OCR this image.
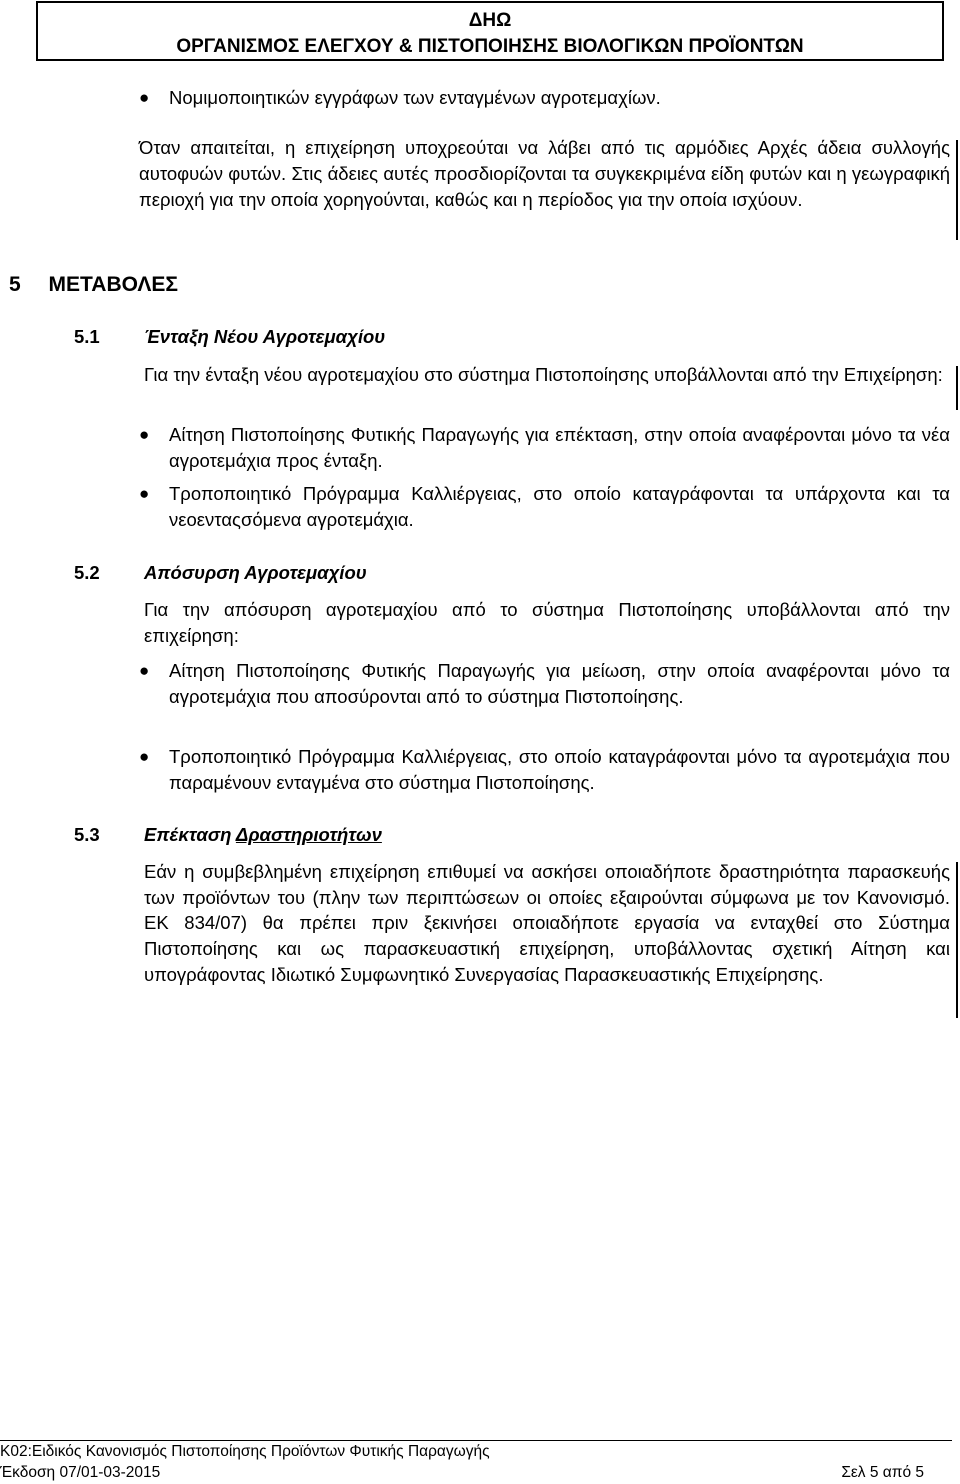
ΔΗΩ
ΟΡΓΑΝΙΣΜΟΣ ΕΛΕΓΧΟΥ & ΠΙΣΤΟΠΟΙΗΣΗΣ ΒΙΟΛΟΓΙΚΩΝ ΠΡΟΪΟΝΤΩΝ
●	Νομιμοποιητικών εγγράφων των ενταγμένων αγροτεμαχίων.
Όταν απαιτείται, η επιχείρηση υποχρεούται να λάβει από τις αρμόδιες Αρχές άδεια συλλογής αυτοφυών φυτών. Στις άδειες αυτές προσδιορίζονται τα συγκεκριμένα είδη φυτών και η γεωγραφική περιοχή για την οποία χορηγούνται, καθώς και η περίοδος για την οποία ισχύουν.
5 ΜΕΤΑΒΟΛΕΣ
5.1 Ένταξη Νέου Αγροτεμαχίου
Για την ένταξη νέου αγροτεμαχίου στο σύστημα Πιστοποίησης υποβάλλονται από την Επιχείρηση:
●	Αίτηση Πιστοποίησης Φυτικής Παραγωγής για επέκταση, στην οποία αναφέρονται μόνο τα νέα αγροτεμάχια προς ένταξη.
●	Τροποποιητικό Πρόγραμμα Καλλιέργειας, στο οποίο καταγράφονται τα υπάρχοντα και τα νεοενταςσόμενα αγροτεμάχια.
5.2 Απόσυρση Αγροτεμαχίου
Για την απόσυρση αγροτεμαχίου από το σύστημα Πιστοποίησης υποβάλλονται από την επιχείρηση:
●	Αίτηση Πιστοποίησης Φυτικής Παραγωγής για μείωση, στην οποία αναφέρονται μόνο τα αγροτεμάχια που αποσύρονται από το σύστημα Πιστοποίησης.
●	Τροποποιητικό Πρόγραμμα Καλλιέργειας, στο οποίο καταγράφονται μόνο τα αγροτεμάχια που παραμένουν ενταγμένα στο σύστημα Πιστοποίησης.
5.3 Επέκταση Δραστηριοτήτων
Εάν η συμβεβλημένη επιχείρηση επιθυμεί να ασκήσει οποιαδήποτε δραστηριότητα παρασκευής των προϊόντων του (πλην των περιπτώσεων οι οποίες εξαιρούνται σύμφωνα με τον Κανονισμό. ΕΚ 834/07) θα πρέπει πριν ξεκινήσει οποιαδήποτε εργασία να ενταχθεί στο Σύστημα Πιστοποίησης και ως παρασκευαστική επιχείρηση, υποβάλλοντας σχετική Αίτηση και υπογράφοντας Ιδιωτικό Συμφωνητικό Συνεργασίας Παρασκευαστικής Επιχείρησης.
Κ02:Ειδικός Κανονισμός Πιστοποίησης Προϊόντων Φυτικής Παραγωγής
Έκδοση 07/01-03-2015	Σελ 5 από 5
